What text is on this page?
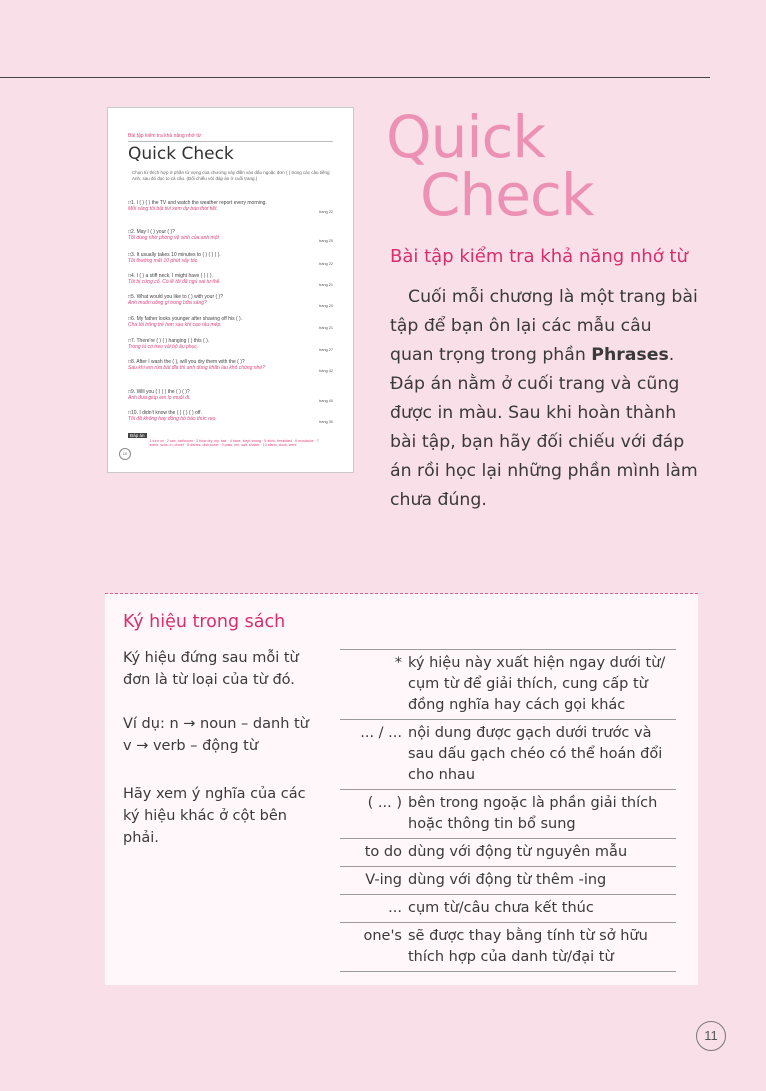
Bài tập kiểm tra khả năng nhớ từ
Quick Check
Chọn từ thích hợp ở phần từ vựng của chương này điền vào dấu ngoặc đơn ( ) trong các câu tiếng Anh, sau đó đọc to cả câu. (Đối chiếu với đáp án ở cuối trang.)
□1. I ( ) ( ) the TV and watch the weather report every morning.
Mỗi sáng tôi bật tivi xem dự báo thời tiết.	trang 22
□2. May I ( ) your ( )?
Tôi dùng nhờ phòng vệ sinh của anh một	trang 20
□3. It usually takes 10 minutes to ( ) ( ) ( ).
Tôi thường mất 10 phút sấy tóc.	trang 22
□4. I ( ) a stiff neck. I might have ( ) ( ).
Tôi bị cứng cổ. Có lẽ tôi đã ngủ sai tư thế.	trang 21
□5. What would you like to ( ) with your ( )?
Anh muốn uống gì trong bữa sáng?	trang 20
□6. My father looks younger after shaving off his ( ).
Cha tôi trông trẻ hơn sau khi cạo râu mép.	trang 21
□7. There're ( ) ( ) hanging ( ) this ( ).
Trong tủ có treo vài bộ âu phục.	trang 27
□8. After I wash the ( ), will you dry them with the ( )?
Sau khi em rửa bát đĩa thì anh dùng khăn lau khô chúng nhé?	trang 42
□9. Will you ( ) ( ) the ( ) ( )?
Anh đưa giúp em lọ muối đi.	trang 40
□10. I didn't know the ( ) ( ) ( ) off.
Tôi đã không hay đồng hồ báo thức reo.	trang 30
Đáp án1 turn on · 2 use, bathroom · 3 blow dry, my, hair · 4 have, slept wrong · 5 drink, breakfast · 6 mustache · 7 some, suits, in, closet · 8 dishes, dish towel · 9 pass, me, salt, shaker · 10 alarm, clock, went
10
Quick
Check
Bài tập kiểm tra khả năng nhớ từ
Cuối mỗi chương là một trang bài tập để bạn ôn lại các mẫu câu quan trọng trong phần Phrases. Đáp án nằm ở cuối trang và cũng được in màu. Sau khi hoàn thành bài tập, bạn hãy đối chiếu với đáp án rồi học lại những phần mình làm chưa đúng.
Ký hiệu trong sách
Ký hiệu đứng sau mỗi từ đơn là từ loại của từ đó.
Ví dụ: n → noun – danh từ
v → verb – động từ
Hãy xem ý nghĩa của các ký hiệu khác ở cột bên phải.
*	ký hiệu này xuất hiện ngay dưới từ/ cụm từ để giải thích, cung cấp từ đồng nghĩa hay cách gọi khác
... / ...	nội dung được gạch dưới trước và sau dấu gạch chéo có thể hoán đổi cho nhau
( ... )	bên trong ngoặc là phần giải thích hoặc thông tin bổ sung
to do	dùng với động từ nguyên mẫu
V-ing	dùng với động từ thêm -ing
...	cụm từ/câu chưa kết thúc
one's	sẽ được thay bằng tính từ sở hữu thích hợp của danh từ/đại từ
11
